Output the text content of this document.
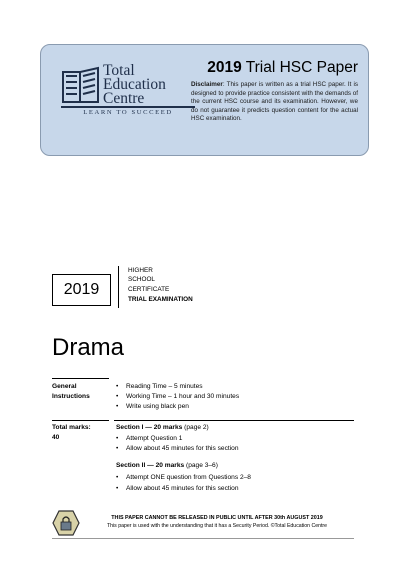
Total
Education
Centre
LEARN TO SUCCEED
2019 Trial HSC Paper
Disclaimer: This paper is written as a trial HSC paper. It is designed to provide practice consistent with the demands of the current HSC course and its examination. However, we do not guarantee it predicts question content for the actual HSC examination.
2019
HIGHER
SCHOOL
CERTIFICATE
TRIAL EXAMINATION
Drama
General
Instructions
• Reading Time – 5 minutes
• Working Time – 1 hour and 30 minutes
• Write using black pen
Total marks:
40
Section I — 20 marks (page 2)
• Attempt Question 1
• Allow about 45 minutes for this section
Section II — 20 marks (page 3–6)
• Attempt ONE question from Questions 2–8
• Allow about 45 minutes for this section
THIS PAPER CANNOT BE RELEASED IN PUBLIC UNTIL AFTER 30th AUGUST 2019
This paper is used with the understanding that it has a Security Period. ©Total Education Centre
